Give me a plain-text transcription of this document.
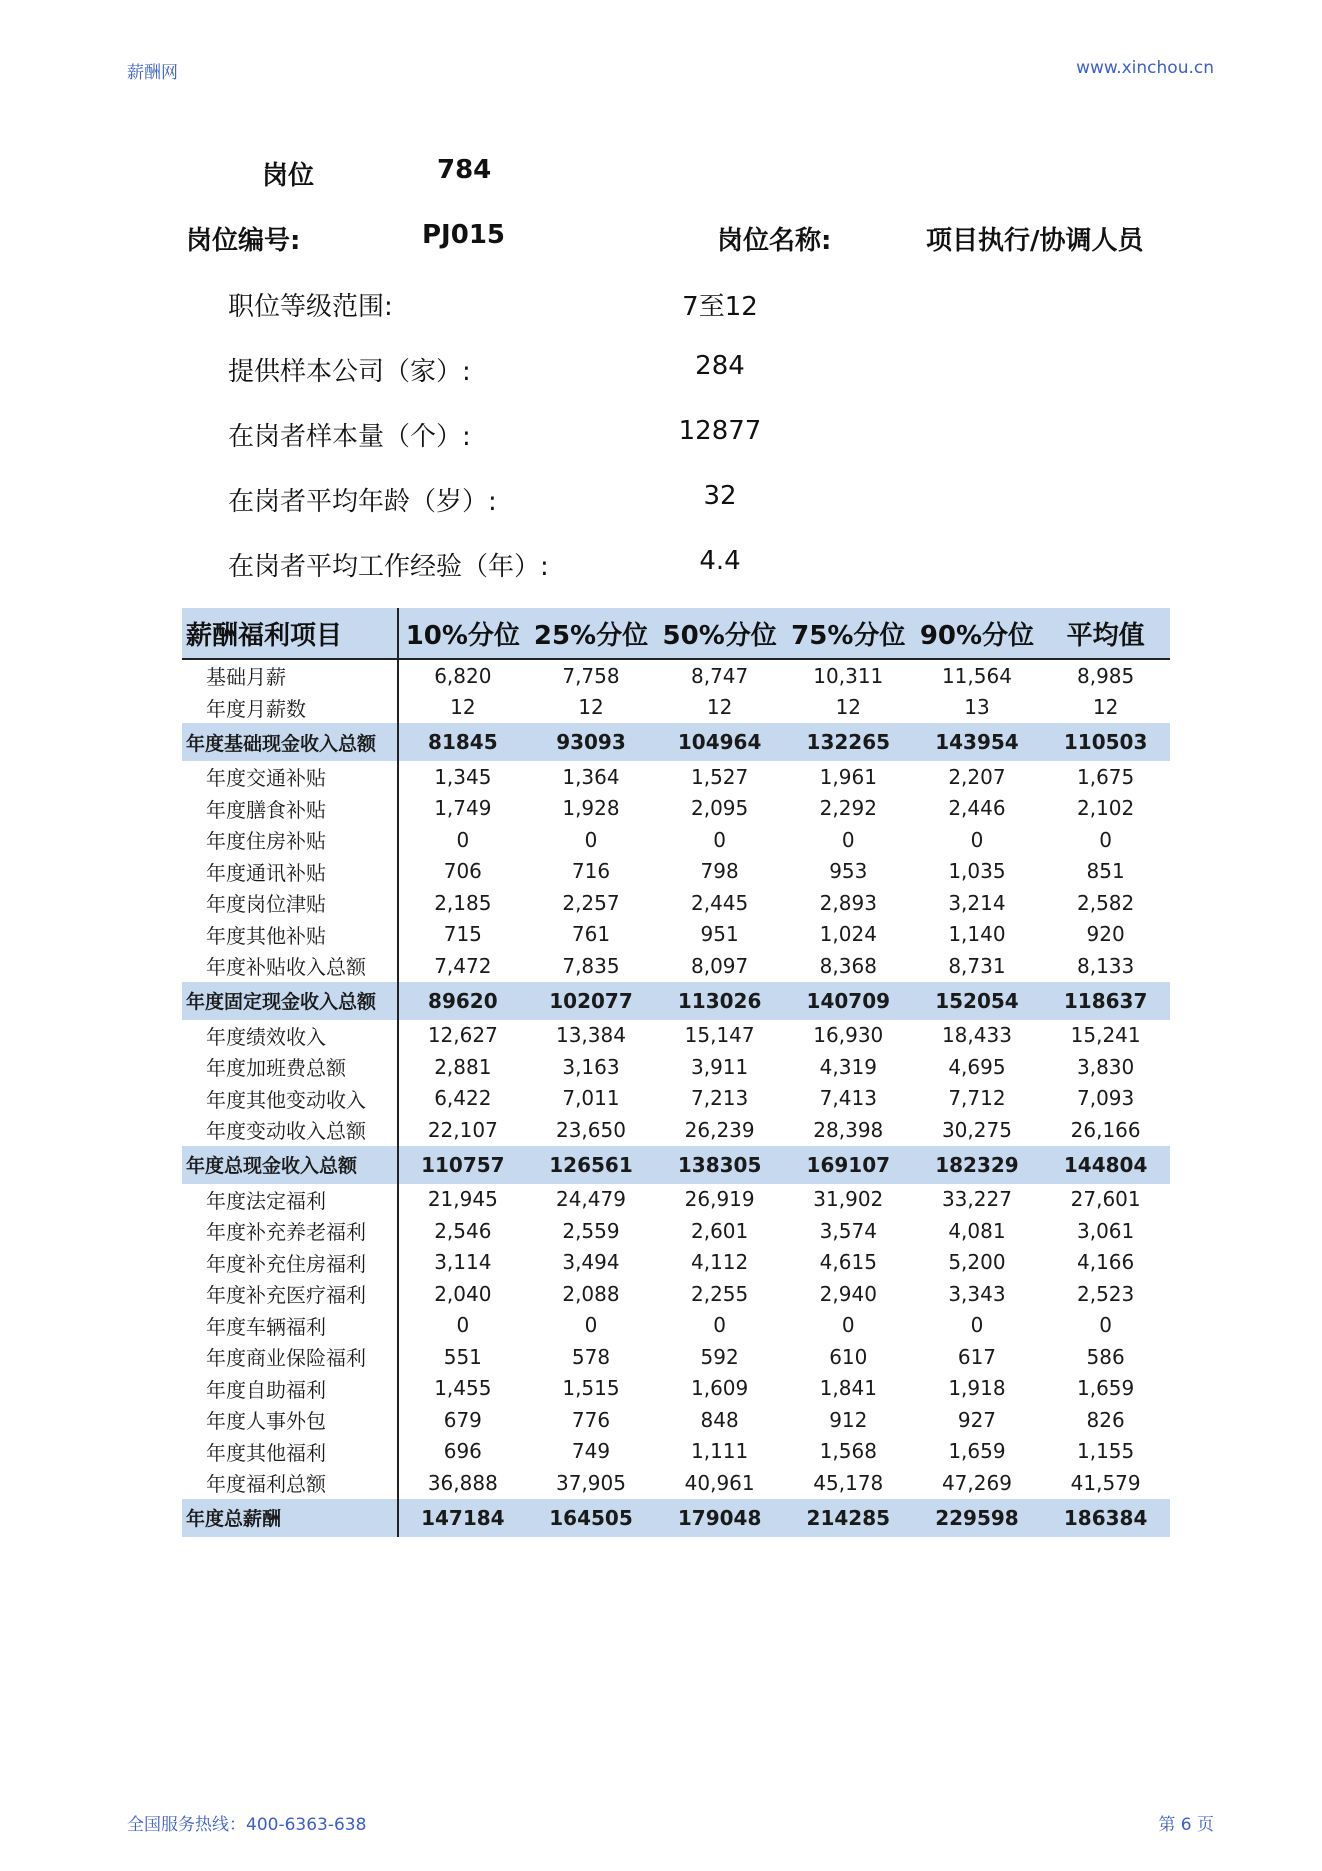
薪酬网	www.xinchou.cn
岗位	784
岗位编号:	PJ015	岗位名称:	项目执行/协调人员
职位等级范围:	7至12
提供样本公司（家）:	284
在岗者样本量（个）:	12877
在岗者平均年龄（岁）:	32
在岗者平均工作经验（年）:	4.4
薪酬福利项目	10%分位	25%分位	50%分位	75%分位	90%分位	平均值
基础月薪	6,820	7,758	8,747	10,311	11,564	8,985
年度月薪数	12	12	12	12	13	12
年度基础现金收入总额	81845	93093	104964	132265	143954	110503
年度交通补贴	1,345	1,364	1,527	1,961	2,207	1,675
年度膳食补贴	1,749	1,928	2,095	2,292	2,446	2,102
年度住房补贴	0	0	0	0	0	0
年度通讯补贴	706	716	798	953	1,035	851
年度岗位津贴	2,185	2,257	2,445	2,893	3,214	2,582
年度其他补贴	715	761	951	1,024	1,140	920
年度补贴收入总额	7,472	7,835	8,097	8,368	8,731	8,133
年度固定现金收入总额	89620	102077	113026	140709	152054	118637
年度绩效收入	12,627	13,384	15,147	16,930	18,433	15,241
年度加班费总额	2,881	3,163	3,911	4,319	4,695	3,830
年度其他变动收入	6,422	7,011	7,213	7,413	7,712	7,093
年度变动收入总额	22,107	23,650	26,239	28,398	30,275	26,166
年度总现金收入总额	110757	126561	138305	169107	182329	144804
年度法定福利	21,945	24,479	26,919	31,902	33,227	27,601
年度补充养老福利	2,546	2,559	2,601	3,574	4,081	3,061
年度补充住房福利	3,114	3,494	4,112	4,615	5,200	4,166
年度补充医疗福利	2,040	2,088	2,255	2,940	3,343	2,523
年度车辆福利	0	0	0	0	0	0
年度商业保险福利	551	578	592	610	617	586
年度自助福利	1,455	1,515	1,609	1,841	1,918	1,659
年度人事外包	679	776	848	912	927	826
年度其他福利	696	749	1,111	1,568	1,659	1,155
年度福利总额	36,888	37,905	40,961	45,178	47,269	41,579
年度总薪酬	147184	164505	179048	214285	229598	186384
全国服务热线：400-6363-638	第 6 页
